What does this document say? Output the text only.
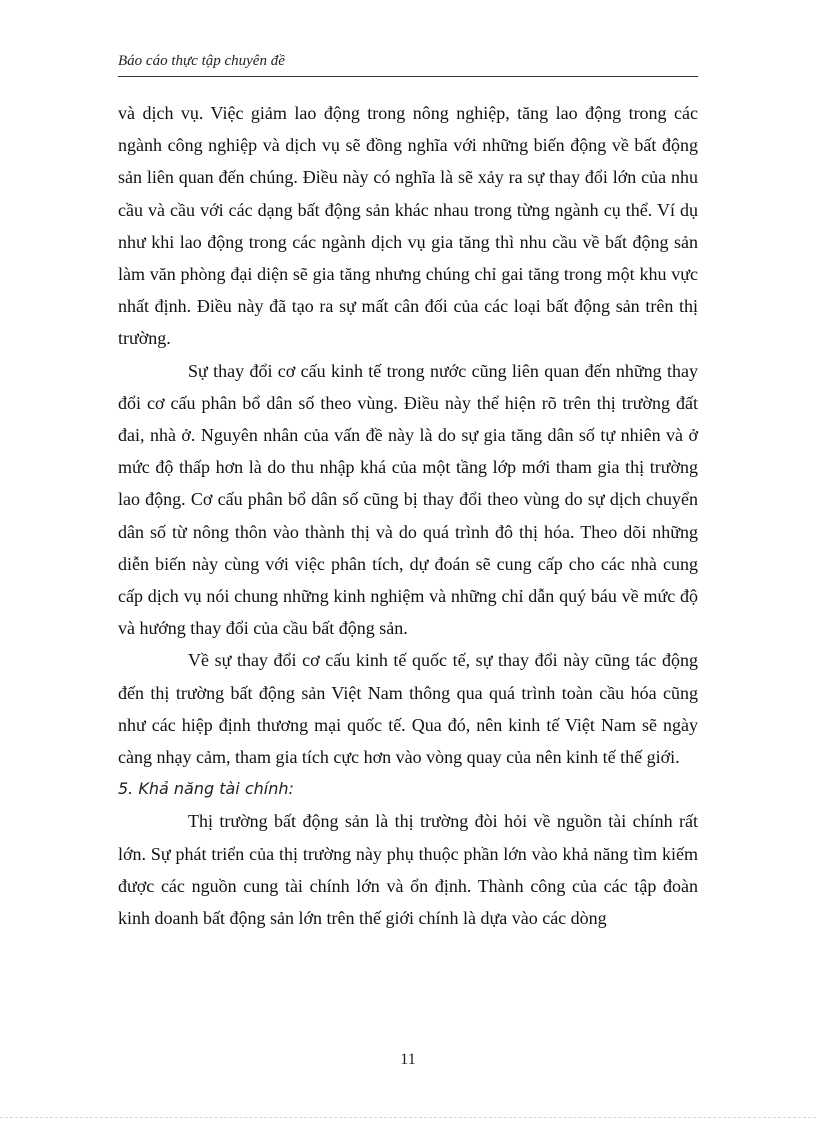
Báo cáo thực tập chuyên đề

và dịch vụ. Việc giảm lao động trong nông nghiệp, tăng lao động trong các ngành công nghiệp và dịch vụ sẽ đồng nghĩa với những biến động về bất động sản liên quan đến chúng. Điều này có nghĩa là sẽ xảy ra sự thay đổi lớn của nhu cầu và cầu với các dạng bất động sản khác nhau trong từng ngành cụ thể. Ví dụ như khi lao động trong các ngành dịch vụ gia tăng thì nhu cầu về bất động sản làm văn phòng đại diện sẽ gia tăng nhưng chúng chỉ gai tăng trong một khu vực nhất định. Điều này đã tạo ra sự mất cân đối của các loại bất động sản trên thị trường.

Sự thay đổi cơ cấu kinh tế trong nước cũng liên quan đến những thay đổi cơ cấu phân bổ dân số theo vùng. Điều này thể hiện rõ trên thị trường đất đai, nhà ở. Nguyên nhân của vấn đề này là do sự gia tăng dân số tự nhiên và ở mức độ thấp hơn là do thu nhập khá của một tầng lớp mới tham gia thị trường lao động. Cơ cấu phân bổ dân số cũng bị thay đổi theo vùng do sự dịch chuyển dân số từ nông thôn vào thành thị và do quá trình đô thị hóa. Theo dõi những diễn biến này cùng với việc phân tích, dự đoán sẽ cung cấp cho các nhà cung cấp dịch vụ nói chung những kinh nghiệm và những chỉ dẫn quý báu về mức độ và hướng thay đổi của cầu bất động sản.

Về sự thay đổi cơ cấu kinh tế quốc tế, sự thay đổi này cũng tác động đến thị trường bất động sản Việt Nam thông qua quá trình toàn cầu hóa cũng như các hiệp định thương mại quốc tế. Qua đó, nên kinh tế Việt Nam sẽ ngày càng nhạy cảm, tham gia tích cực hơn vào vòng quay của nên kinh tế thế giới.

5. Khả năng tài chính:

Thị trường bất động sản là thị trường đòi hỏi về nguồn tài chính rất lớn. Sự phát triển của thị trường này phụ thuộc phần lớn vào khả năng tìm kiếm được các nguồn cung tài chính lớn và ổn định. Thành công của các tập đoàn kinh doanh bất động sản lớn trên thế giới chính là dựa vào các dòng

11
